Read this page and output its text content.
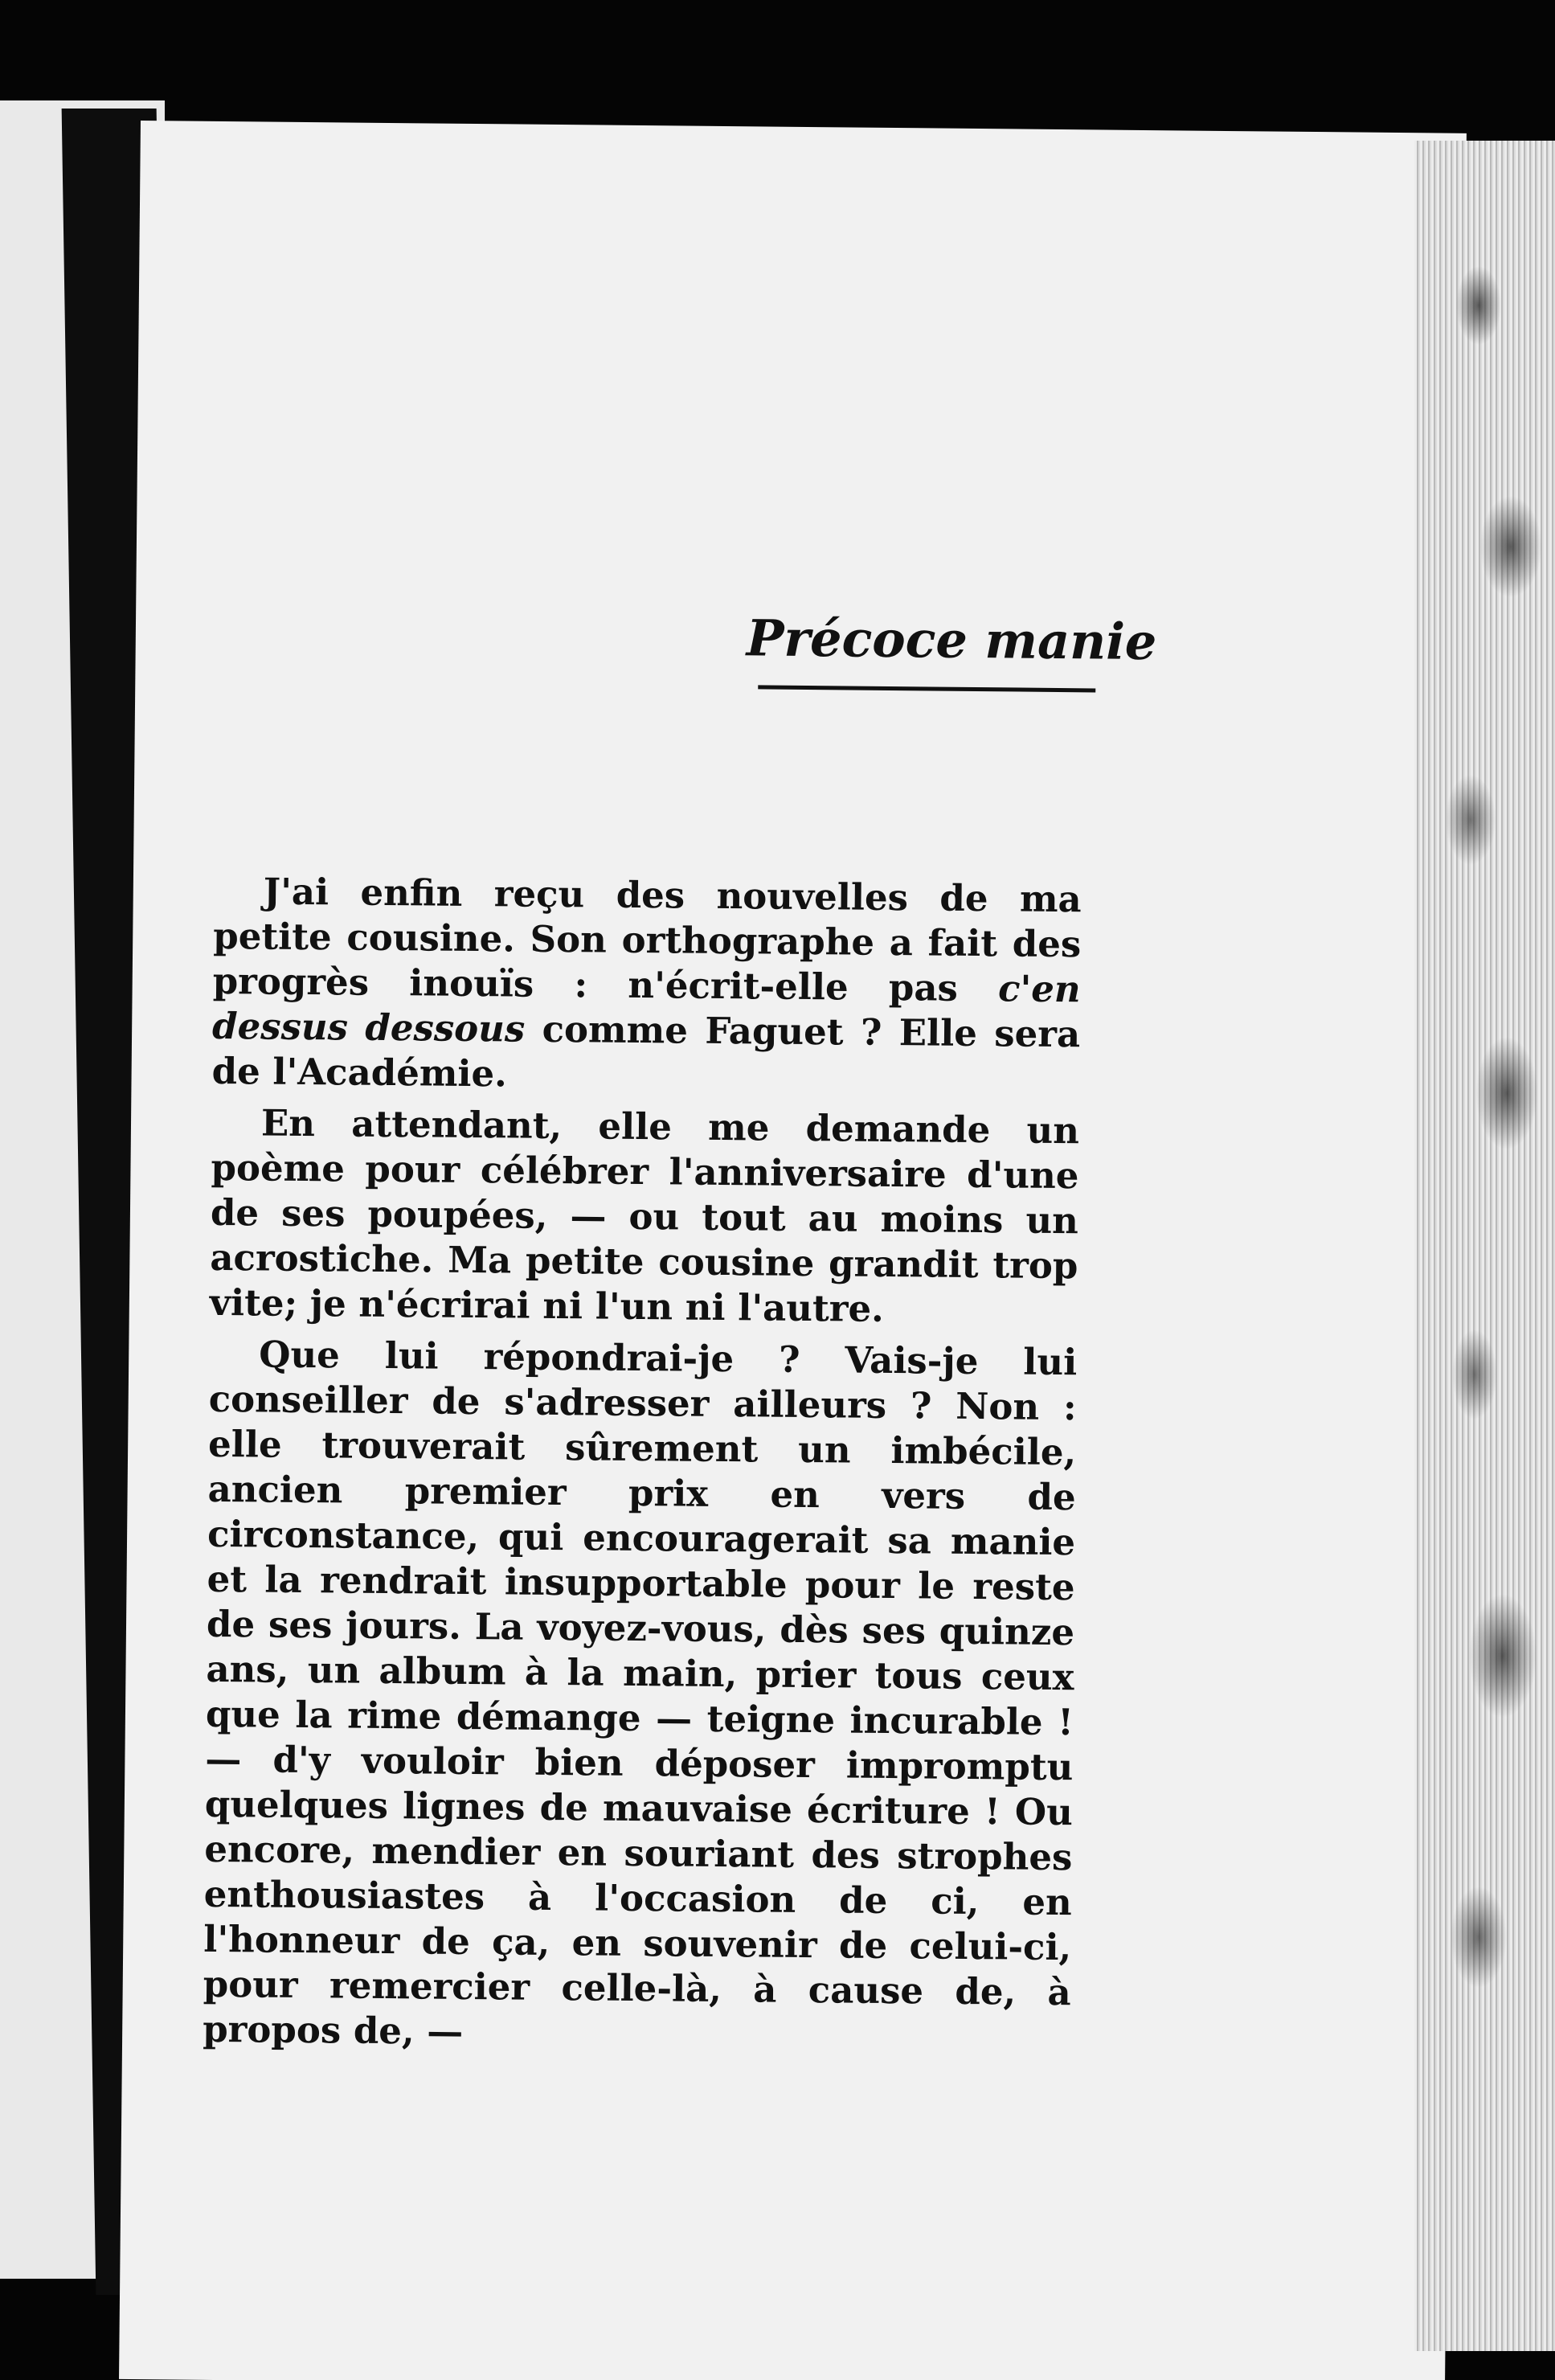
Précoce manie

J'ai enfin reçu des nouvelles de ma petite cousine. Son orthographe a fait des progrès inouïs : n'écrit-elle pas c'en dessus dessous comme Faguet ? Elle sera de l'Académie.

En attendant, elle me demande un poème pour célébrer l'anniversaire d'une de ses poupées, — ou tout au moins un acrostiche. Ma petite cousine grandit trop vite; je n'écrirai ni l'un ni l'autre.

Que lui répondrai-je ? Vais-je lui conseiller de s'adresser ailleurs ? Non : elle trouverait sûrement un imbécile, ancien premier prix en vers de circonstance, qui encouragerait sa manie et la rendrait insupportable pour le reste de ses jours. La voyez-vous, dès ses quinze ans, un album à la main, prier tous ceux que la rime démange — teigne incurable ! — d'y vouloir bien déposer impromptu quelques lignes de mauvaise écriture ! Ou encore, mendier en souriant des strophes enthousiastes à l'occasion de ci, en l'honneur de ça, en souvenir de celui-ci, pour remercier celle-là, à cause de, à propos de, —
